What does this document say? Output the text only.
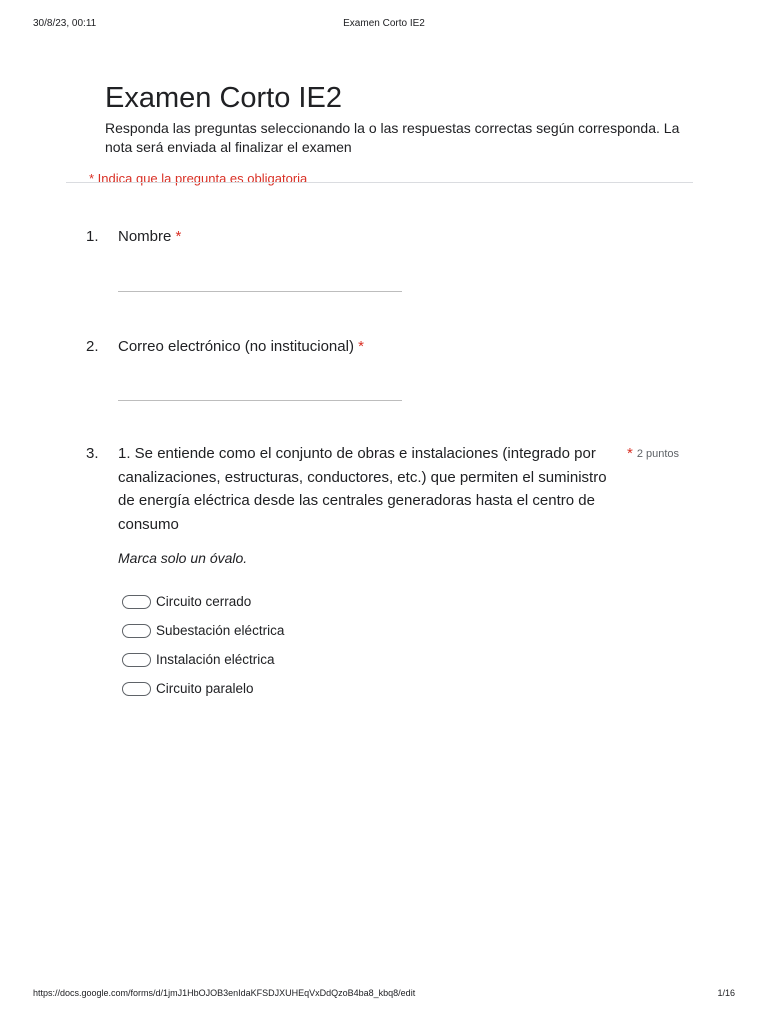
30/8/23, 00:11	Examen Corto IE2
Examen Corto IE2

Responda las preguntas seleccionando la o las respuestas correctas según corresponda. La nota será enviada al finalizar el examen

* Indica que la pregunta es obligatoria
1. Nombre *
2. Correo electrónico (no institucional) *
3. 1. Se entiende como el conjunto de obras e instalaciones (integrado por canalizaciones, estructuras, conductores, etc.) que permiten el suministro de energía eléctrica desde las centrales generadoras hasta el centro de consumo
* 2 puntos
Marca solo un óvalo.
Circuito cerrado
Subestación eléctrica
Instalación eléctrica
Circuito paralelo
https://docs.google.com/forms/d/1jmJ1HbOJOB3enIdaKFSDJXUHEqVxDdQzoB4ba8_kbq8/edit	1/16
